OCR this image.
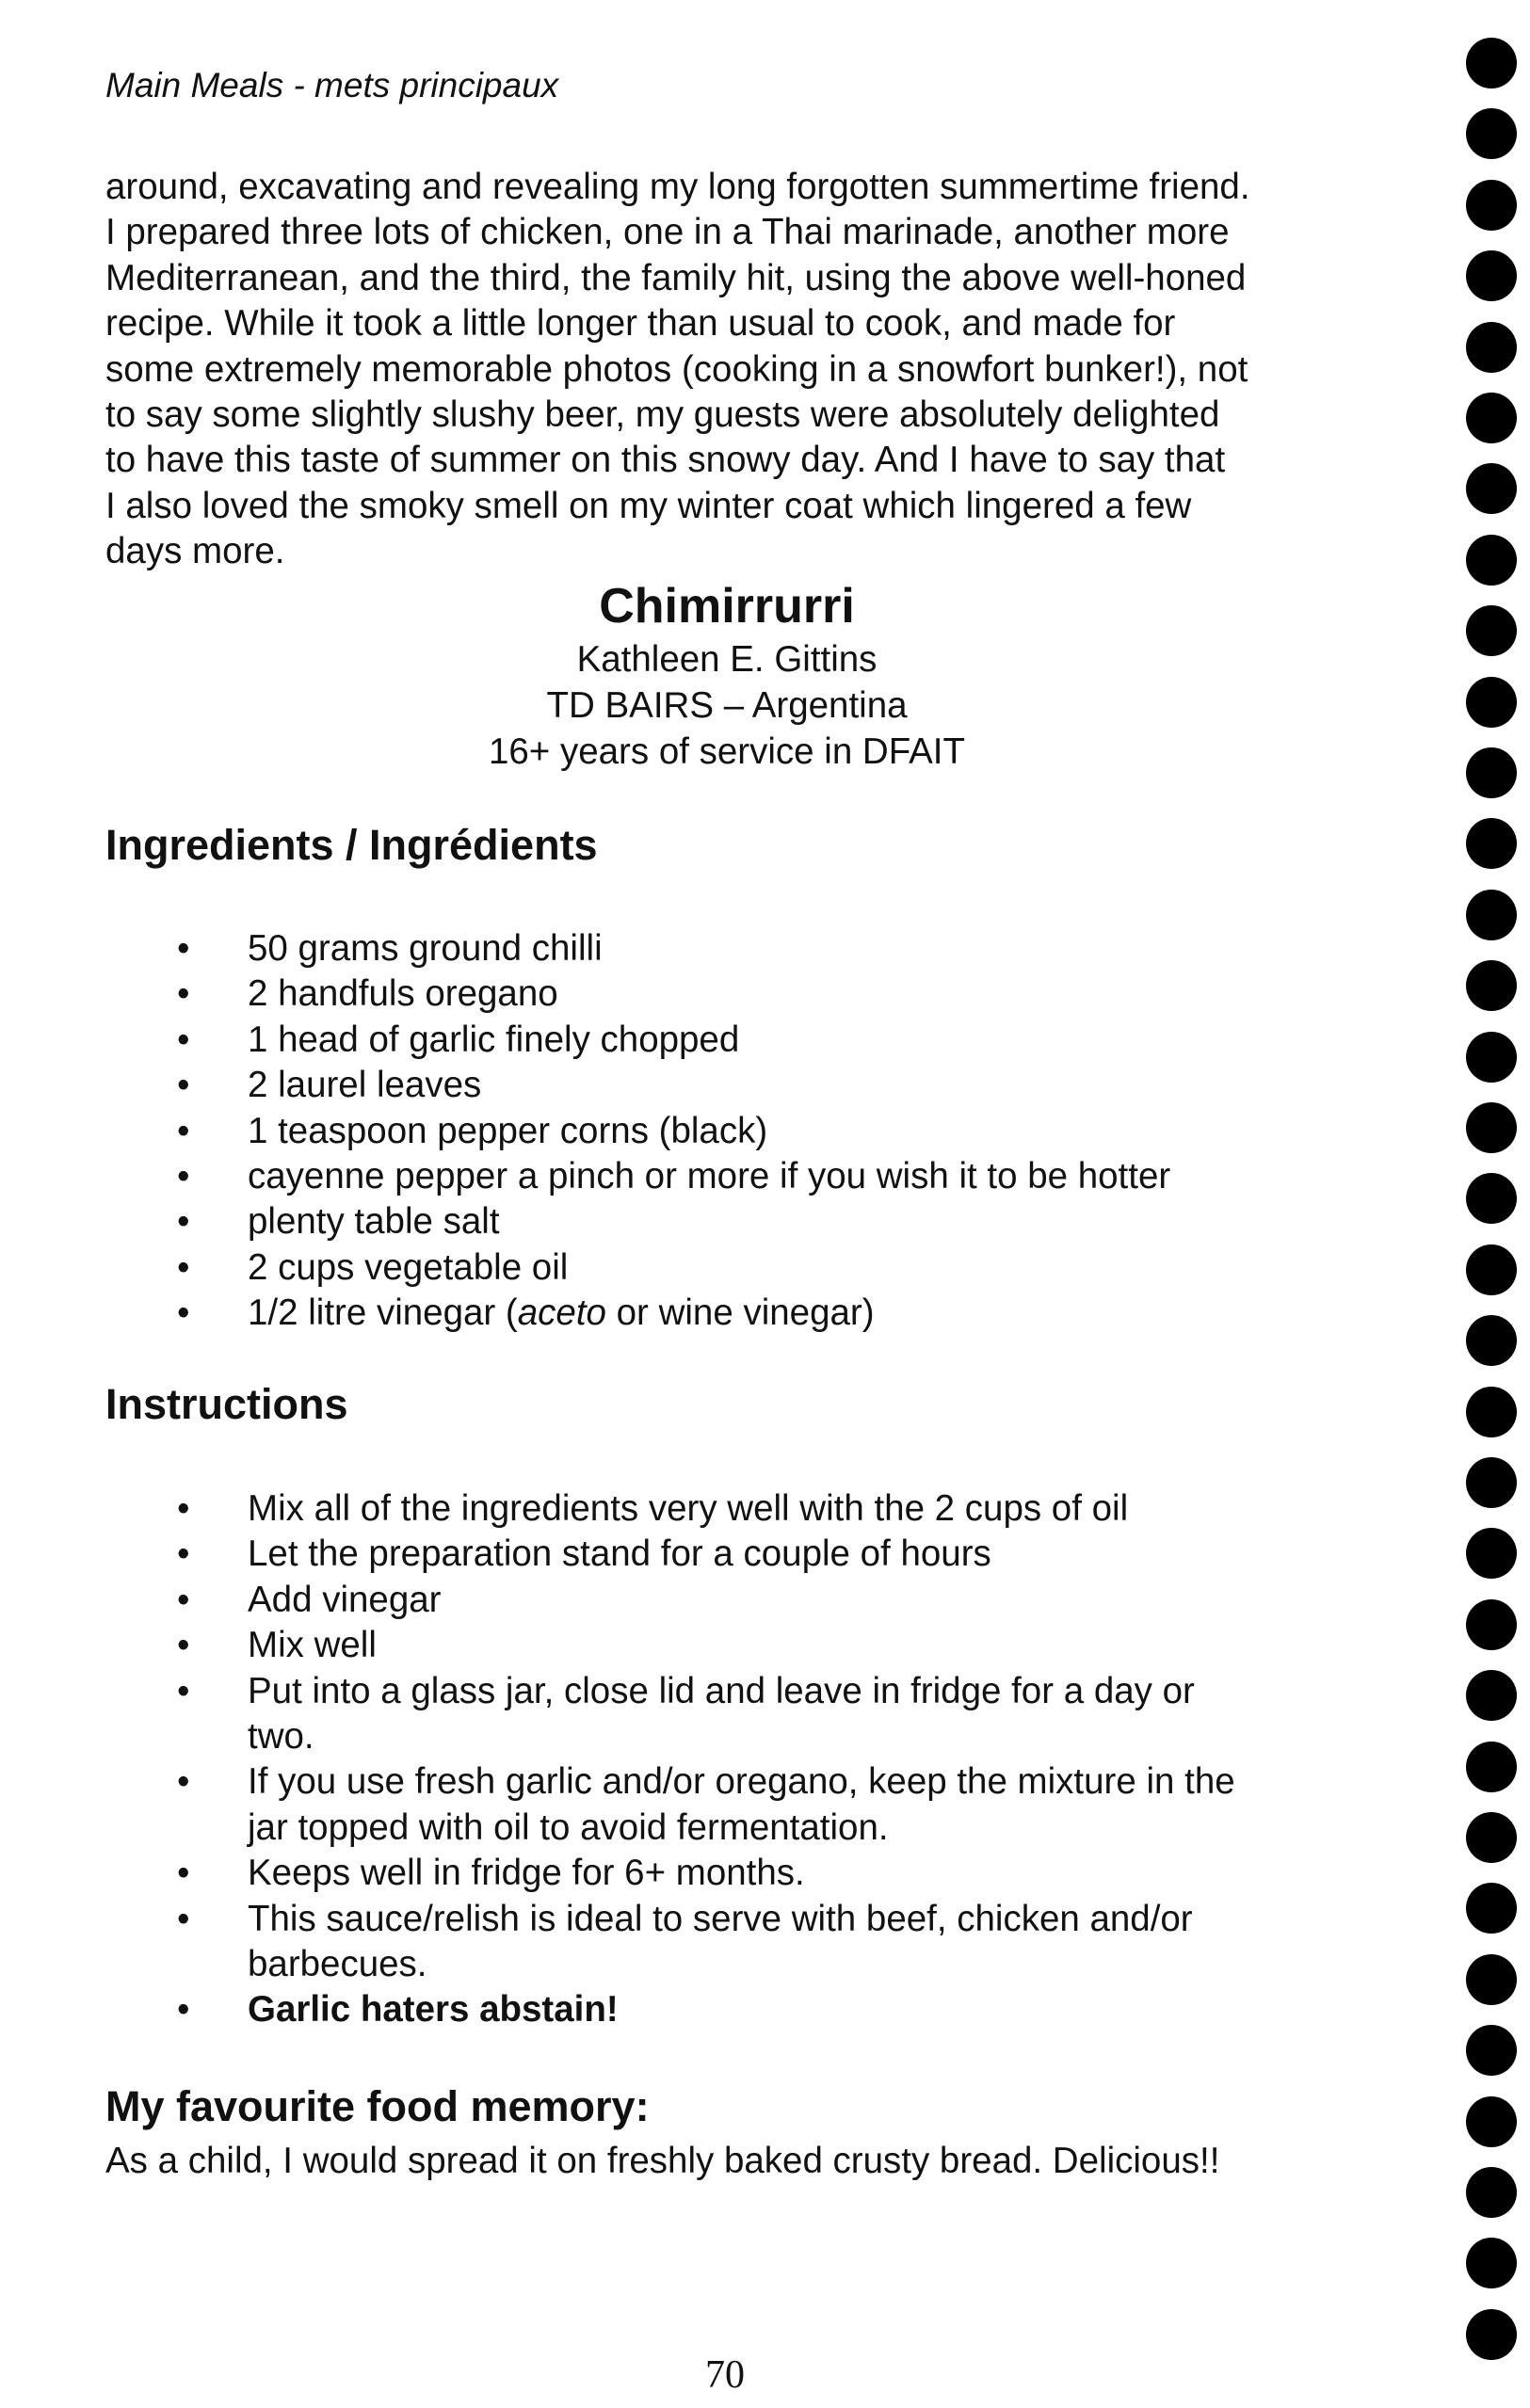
Main Meals - mets principaux

around, excavating and revealing my long forgotten summertime friend.
I prepared three lots of chicken, one in a Thai marinade, another more
Mediterranean, and the third, the family hit, using the above well-honed
recipe. While it took a little longer than usual to cook, and made for
some extremely memorable photos (cooking in a snowfort bunker!), not
to say some slightly slushy beer, my guests were absolutely delighted
to have this taste of summer on this snowy day. And I have to say that
I also loved the smoky smell on my winter coat which lingered a few
days more.
Chimirrurri

Kathleen E. Gittins

TD BAIRS – Argentina

16+ years of service in DFAIT

Ingredients / Ingrédients
• 50 grams ground chilli
• 2 handfuls oregano
• 1 head of garlic finely chopped
• 2 laurel leaves
• 1 teaspoon pepper corns (black)
• cayenne pepper a pinch or more if you wish it to be hotter
• plenty table salt
• 2 cups vegetable oil
• 1/2 litre vinegar (aceto or wine vinegar)
Instructions
• Mix all of the ingredients very well with the 2 cups of oil
• Let the preparation stand for a couple of hours
• Add vinegar
• Mix well
• Put into a glass jar, close lid and leave in fridge for a day or
two.
• If you use fresh garlic and/or oregano, keep the mixture in the
jar topped with oil to avoid fermentation.
• Keeps well in fridge for 6+ months.
• This sauce/relish is ideal to serve with beef, chicken and/or
barbecues.
• Garlic haters abstain!
My favourite food memory:

As a child, I would spread it on freshly baked crusty bread. Delicious!!

70
